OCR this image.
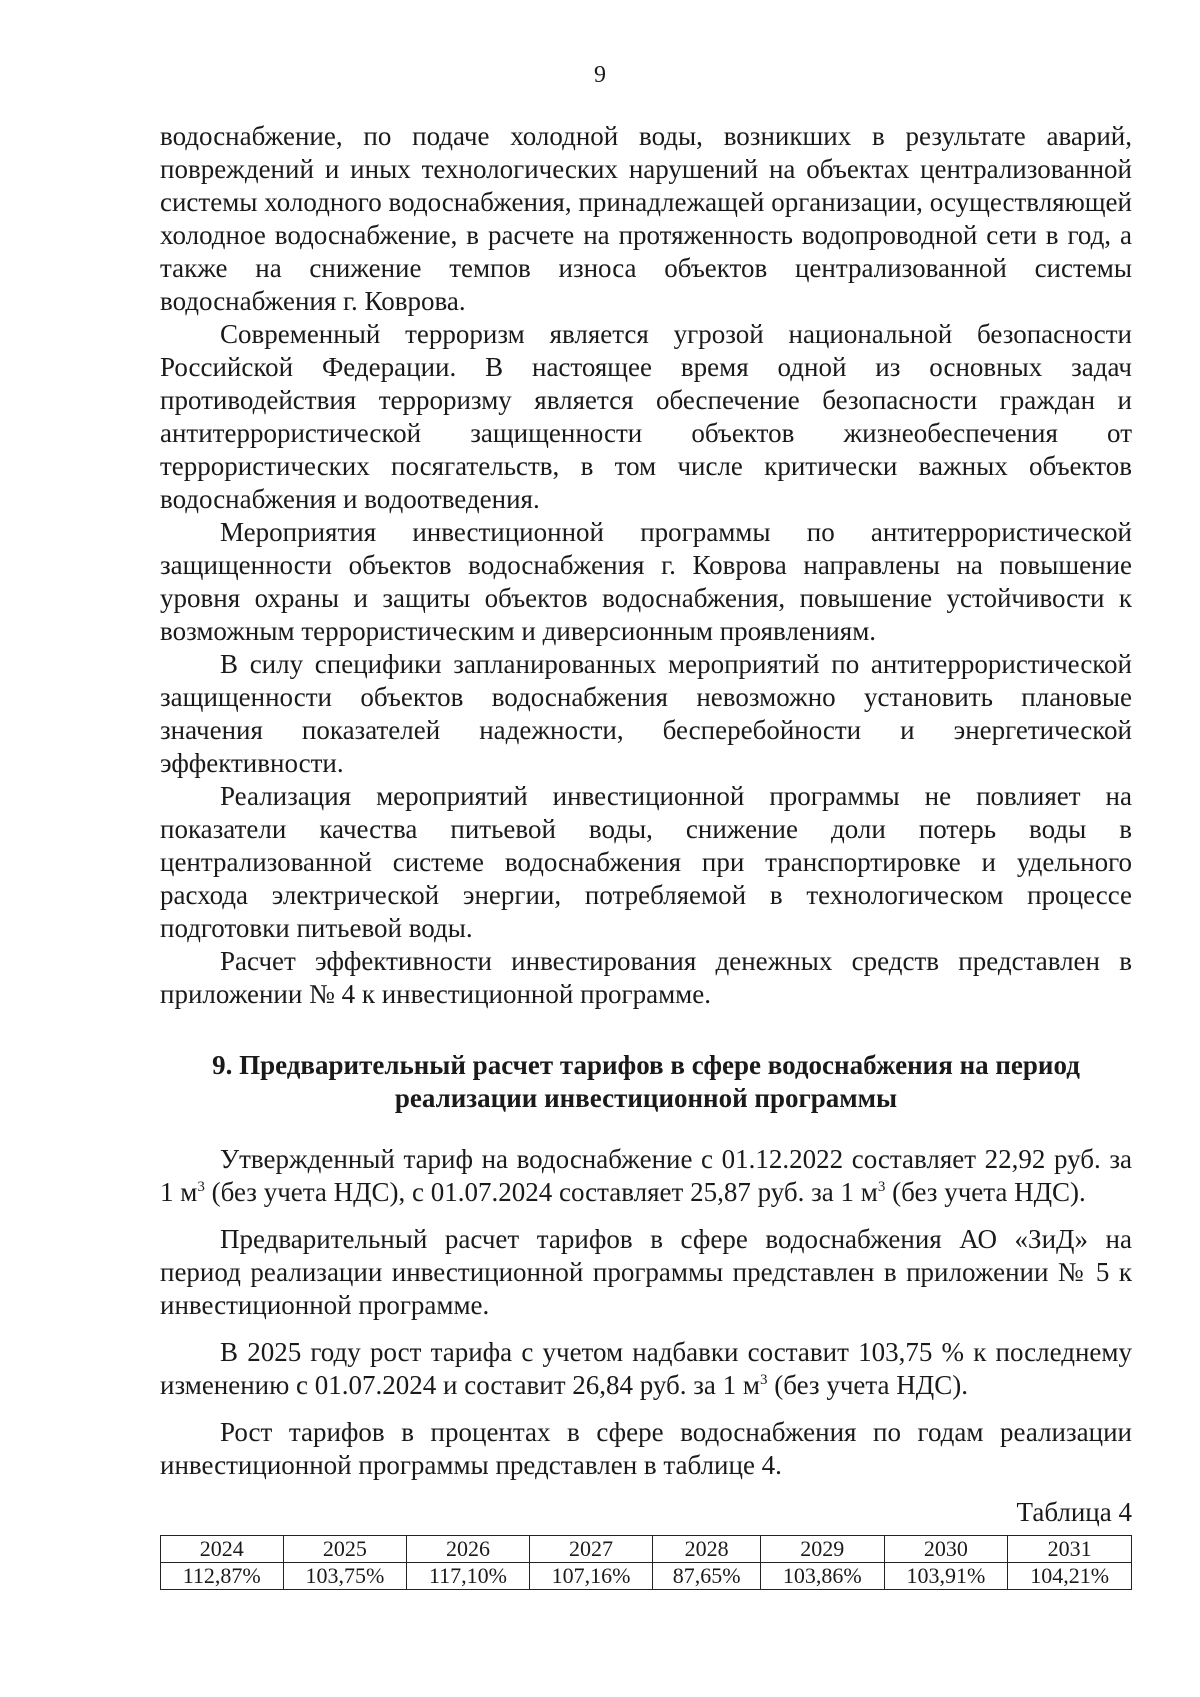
9

водоснабжение, по подаче холодной воды, возникших в результате аварий, повреждений и иных технологических нарушений на объектах централизованной системы холодного водоснабжения, принадлежащей организации, осуществляющей холодное водоснабжение, в расчете на протяженность водопроводной сети в год, а также на снижение темпов износа объектов централизованной системы водоснабжения г. Коврова.

Современный терроризм является угрозой национальной безопасности Российской Федерации. В настоящее время одной из основных задач противодействия терроризму является обеспечение безопасности граждан и антитеррористической защищенности объектов жизнеобеспечения от террористических посягательств, в том числе критически важных объектов водоснабжения и водоотведения.

Мероприятия инвестиционной программы по антитеррористической защищенности объектов водоснабжения г. Коврова направлены на повышение уровня охраны и защиты объектов водоснабжения, повышение устойчивости к возможным террористическим и диверсионным проявлениям.

В силу специфики запланированных мероприятий по антитеррористической защищенности объектов водоснабжения невозможно установить плановые значения показателей надежности, бесперебойности и энергетической эффективности.

Реализация мероприятий инвестиционной программы не повлияет на показатели качества питьевой воды, снижение доли потерь воды в централизованной системе водоснабжения при транспортировке и удельного расхода электрической энергии, потребляемой в технологическом процессе подготовки питьевой воды.

Расчет эффективности инвестирования денежных средств представлен в приложении № 4 к инвестиционной программе.

9. Предварительный расчет тарифов в сфере водоснабжения на период реализации инвестиционной программы

Утвержденный тариф на водоснабжение с 01.12.2022 составляет 22,92 руб. за 1 $м^3$ (без учета НДС), с 01.07.2024 составляет 25,87 руб. за 1 $м^3$ (без учета НДС).

Предварительный расчет тарифов в сфере водоснабжения АО «ЗиД» на период реализации инвестиционной программы представлен в приложении № 5 к инвестиционной программе.

В 2025 году рост тарифа с учетом надбавки составит 103,75 % к последнему изменению с 01.07.2024 и составит 26,84 руб. за 1 $м^3$ (без учета НДС).

Рост тарифов в процентах в сфере водоснабжения по годам реализации инвестиционной программы представлен в таблице 4.

Таблица 4
2024	2025	2026	2027	2028	2029	2030	2031
112,87%	103,75%	117,10%	107,16%	87,65%	103,86%	103,91%	104,21%
